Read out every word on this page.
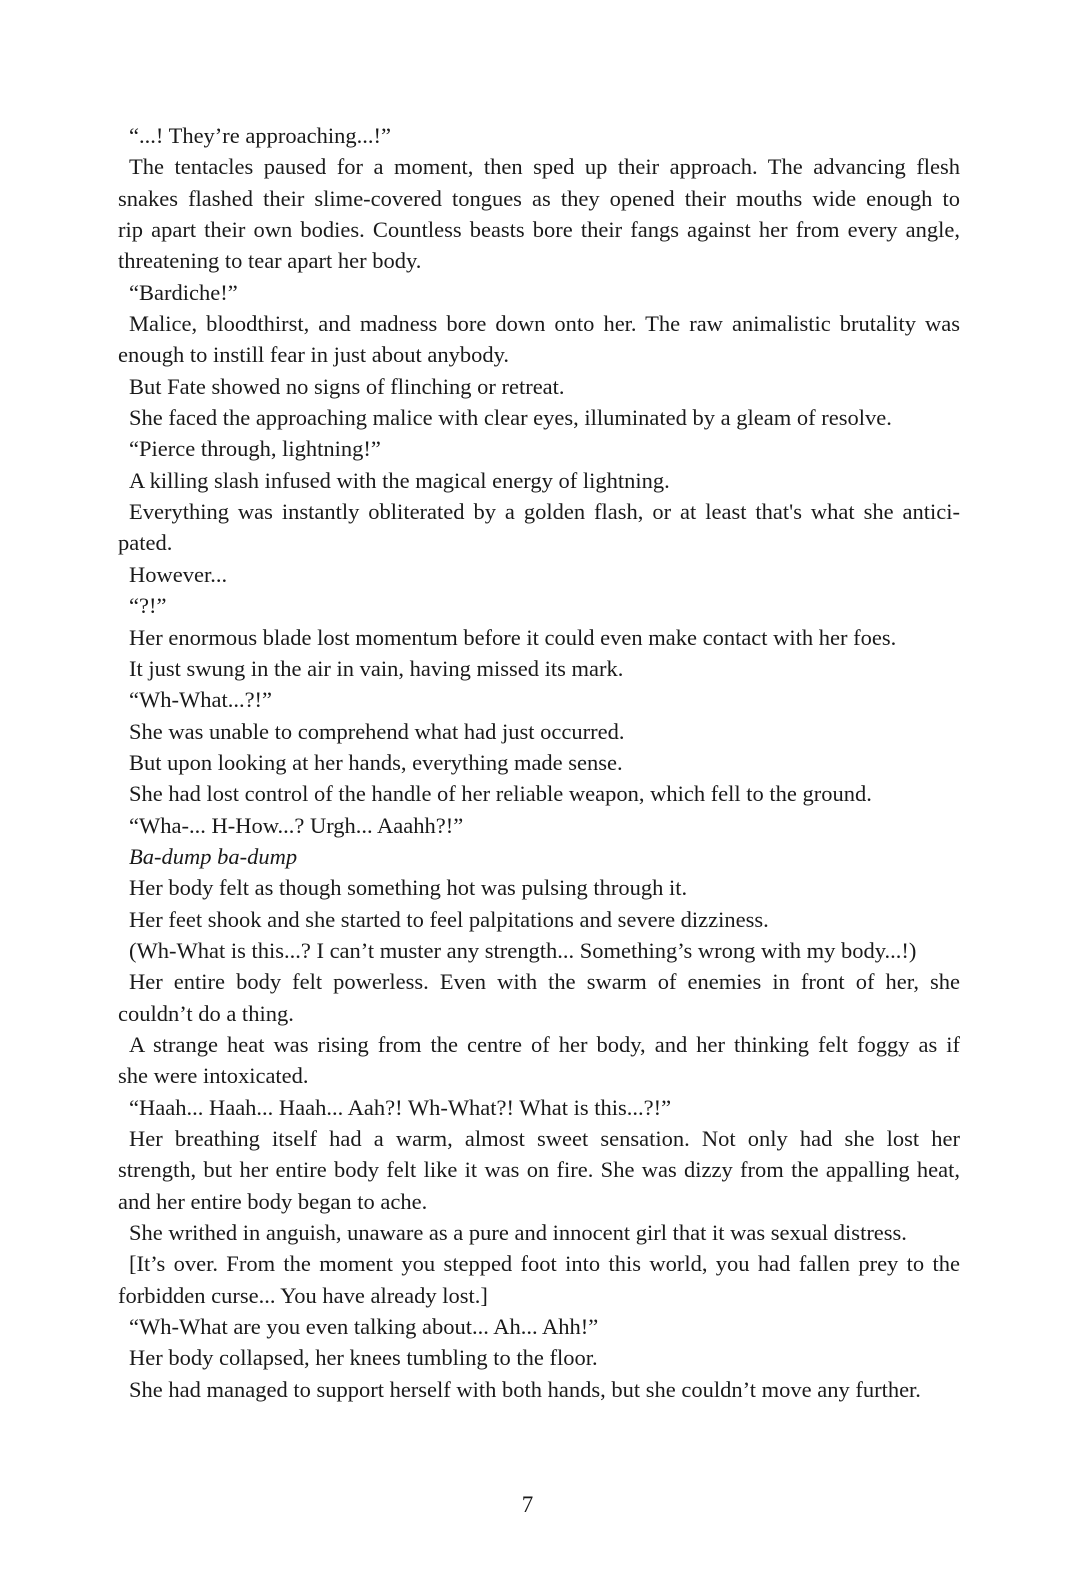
“...! They’re approaching...!”
The tentacles paused for a moment, then sped up their approach. The advancing flesh
snakes flashed their slime-covered tongues as they opened their mouths wide enough to
rip apart their own bodies. Countless beasts bore their fangs against her from every angle,
threatening to tear apart her body.
“Bardiche!”
Malice, bloodthirst, and madness bore down onto her. The raw animalistic brutality was
enough to instill fear in just about anybody.
But Fate showed no signs of flinching or retreat.
She faced the approaching malice with clear eyes, illuminated by a gleam of resolve.
“Pierce through, lightning!”
A killing slash infused with the magical energy of lightning.
Everything was instantly obliterated by a golden flash, or at least that's what she antici-
pated.
However...
“?!”
Her enormous blade lost momentum before it could even make contact with her foes.
It just swung in the air in vain, having missed its mark.
“Wh-What...?!”
She was unable to comprehend what had just occurred.
But upon looking at her hands, everything made sense.
She had lost control of the handle of her reliable weapon, which fell to the ground.
“Wha-... H-How...? Urgh... Aaahh?!”
Ba-dump ba-dump
Her body felt as though something hot was pulsing through it.
Her feet shook and she started to feel palpitations and severe dizziness.
(Wh-What is this...? I can’t muster any strength... Something’s wrong with my body...!)
Her entire body felt powerless. Even with the swarm of enemies in front of her, she
couldn’t do a thing.
A strange heat was rising from the centre of her body, and her thinking felt foggy as if
she were intoxicated.
“Haah... Haah... Haah... Aah?! Wh-What?! What is this...?!”
Her breathing itself had a warm, almost sweet sensation. Not only had she lost her
strength, but her entire body felt like it was on fire. She was dizzy from the appalling heat,
and her entire body began to ache.
She writhed in anguish, unaware as a pure and innocent girl that it was sexual distress.
[It’s over. From the moment you stepped foot into this world, you had fallen prey to the
forbidden curse... You have already lost.]
“Wh-What are you even talking about... Ah... Ahh!”
Her body collapsed, her knees tumbling to the floor.
She had managed to support herself with both hands, but she couldn’t move any further.
7
